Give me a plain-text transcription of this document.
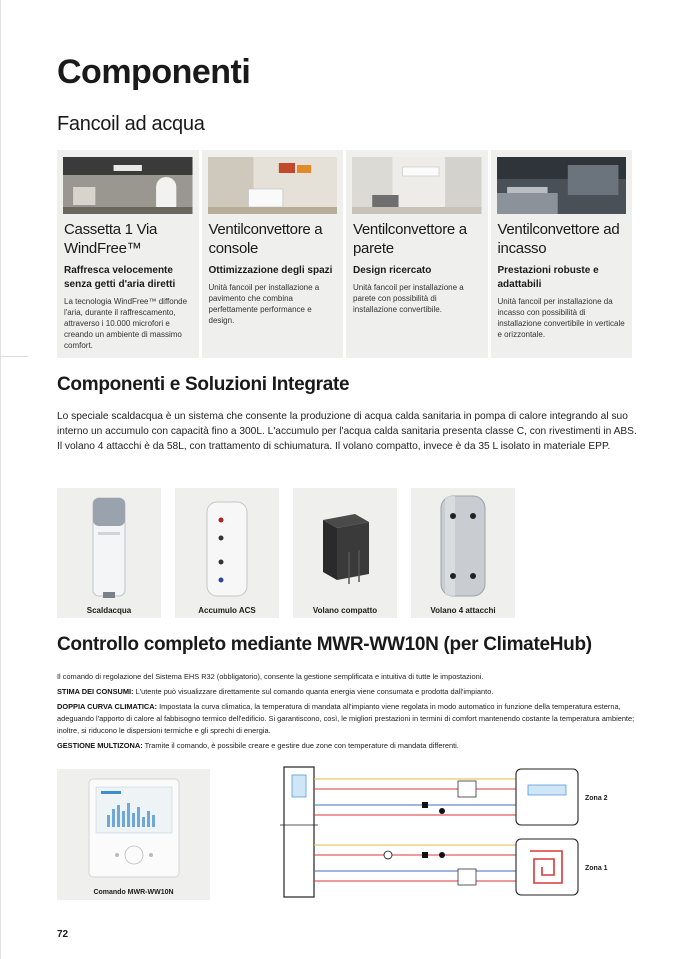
Componenti
Fancoil ad acqua

Cassetta 1 Via WindFree™

Raffresca velocemente senza getti d'aria diretti

La tecnologia WindFree™ diffonde l'aria, durante il raffrescamento, attraverso i 10.000 microfori e creando un ambiente di massimo comfort.

Ventilconvettore a console

Ottimizzazione degli spazi

Unità fancoil per installazione a pavimento che combina perfettamente performance e design.

Ventilconvettore a parete

Design ricercato

Unità fancoil per installazione a parete con possibilità di installazione convertibile.

Ventilconvettore ad incasso

Prestazioni robuste e adattabili

Unità fancoil per installazione da incasso con possibilità di installazione convertibile in verticale e orizzontale.

Componenti e Soluzioni Integrate

Lo speciale scaldacqua è un sistema che consente la produzione di acqua calda sanitaria in pompa di calore integrando al suo interno un accumulo con capacità fino a 300L. L'accumulo per l'acqua calda sanitaria presenta classe C, con rivestimenti in ABS. Il volano 4 attacchi è da 58L, con trattamento di schiumatura. Il volano compatto, invece è da 35 L isolato in materiale EPP.

Scaldacqua	Accumulo ACS	Volano compatto	Volano 4 attacchi

Controllo completo mediante MWR-WW10N (per ClimateHub)

Il comando di regolazione del Sistema EHS R32 (obbligatorio), consente la gestione semplificata e intuitiva di tutte le impostazioni.

STIMA DEI CONSUMI: L'utente può visualizzare direttamente sul comando quanta energia viene consumata e prodotta dall'impianto.

DOPPIA CURVA CLIMATICA: Impostata la curva climatica, la temperatura di mandata all'impianto viene regolata in modo automatico in funzione della temperatura esterna, adeguando l'apporto di calore al fabbisogno termico dell'edificio. Si garantiscono, così, le migliori prestazioni in termini di comfort mantenendo costante la temperatura ambiente; inoltre, si riducono le dispersioni termiche e gli sprechi di energia.

GESTIONE MULTIZONA: Tramite il comando, è possibile creare e gestire due zone con temperature di mandata differenti.

Comando MWR-WW10N

Zona 2

Zona 1

72
